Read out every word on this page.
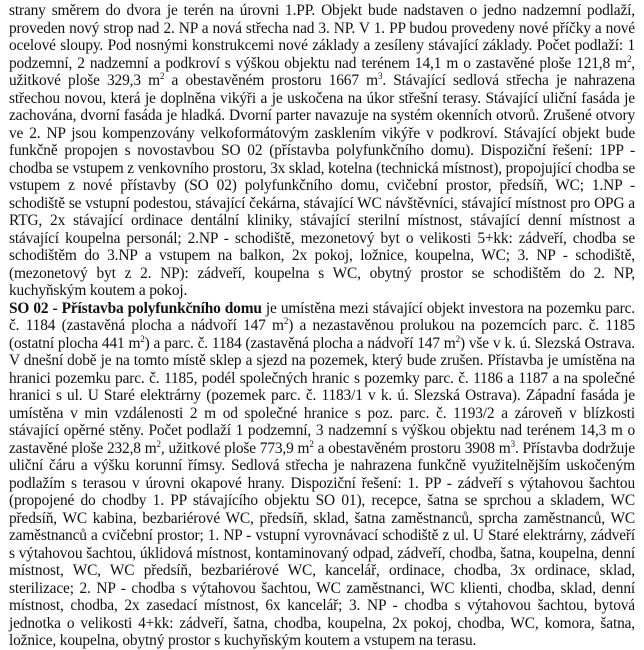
strany směrem do dvora je terén na úrovni 1.PP. Objekt bude nadstaven o jedno nadzemní podlaží, proveden nový strop nad 2. NP a nová střecha nad 3. NP. V 1. PP budou provedeny nové příčky a nové ocelové sloupy. Pod nosnými konstrukcemi nové základy a zesíleny stávající základy. Počet podlaží: 1 podzemní, 2 nadzemní a podkroví s výškou objektu nad terénem 14,1 m o zastavěné ploše 121,8 $m^2$, užitkové ploše 329,3 $m^2$ a obestavěném prostoru 1667 $m^3$. Stávající sedlová střecha je nahrazena střechou novou, která je doplněna vikýři a je uskočena na úkor střešní terasy. Stávající uliční fasáda je zachována, dvorní fasáda je hladká. Dvorní parter navazuje na systém okenních otvorů. Zrušené otvory ve 2. NP jsou kompenzovány velkoformátovým zasklením vikýře v podkroví. Stávající objekt bude funkčně propojen s novostavbou SO 02 (přístavba polyfunkčního domu). Dispoziční řešení: 1PP - chodba se vstupem z venkovního prostoru, 3x sklad, kotelna (technická místnost), propojující chodba se vstupem z nové přístavby (SO 02) polyfunkčního domu, cvičební prostor, předsíň, WC; 1.NP - schodiště se vstupní podestou, stávající čekárna, stávající WC návštěvníci, stávající místnost pro OPG a RTG, 2x stávající ordinace dentální kliniky, stávající sterilní místnost, stávající denní místnost a stávající koupelna personál; 2.NP - schodiště, mezonetový byt o velikosti 5+kk: zádveří, chodba se schodištěm do 3.NP a vstupem na balkon, 2x pokoj, ložnice, koupelna, WC; 3. NP - schodiště, (mezonetový byt z 2. NP): zádveří, koupelna s WC, obytný prostor se schodištěm do 2. NP, kuchyňským koutem a pokoj.

SO 02 - Přístavba polyfunkčního domu je umístěna mezi stávající objekt investora na pozemku parc. č. 1184 (zastavěná plocha a nádvoří 147 $m^2$) a nezastavěnou prolukou na pozemcích parc. č. 1185 (ostatní plocha 441 $m^2$) a parc. č. 1184 (zastavěná plocha a nádvoří 147 $m^2$) vše v k. ú. Slezská Ostrava. V dnešní době je na tomto místě sklep a sjezd na pozemek, který bude zrušen. Přístavba je umístěna na hranici pozemku parc. č. 1185, podél společných hranic s pozemky parc. č. 1186 a 1187 a na společné hranici s ul. U Staré elektrárny (pozemek parc. č. 1183/1 v k. ú. Slezská Ostrava). Západní fasáda je umístěna v min vzdálenosti 2 m od společné hranice s poz. parc. č. 1193/2 a zároveň v blízkosti stávající opěrné stěny. Počet podlaží 1 podzemní, 3 nadzemní s výškou objektu nad terénem 14,3 m o zastavěné ploše 232,8 $m^2$, užitkové ploše 773,9 $m^2$ a obestavěném prostoru 3908 $m^3$. Přístavba dodržuje uliční čáru a výšku korunní římsy. Sedlová střecha je nahrazena funkčně využitelnějším uskočeným podlažím s terasou v úrovni okapové hrany. Dispoziční řešení: 1. PP - zádveří s výtahovou šachtou (propojené do chodby 1. PP stávajícího objektu SO 01), recepce, šatna se sprchou a skladem, WC předsíň, WC kabina, bezbariérové WC, předsíň, sklad, šatna zaměstnanců, sprcha zaměstnanců, WC zaměstnanců a cvičební prostor; 1. NP - vstupní vyrovnávací schodiště z ul. U Staré elektrárny, zádveří s výtahovou šachtou, úklidová místnost, kontaminovaný odpad, zádveří, chodba, šatna, koupelna, denní místnost, WC, WC předsíň, bezbariérové WC, kancelář, ordinace, chodba, 3x ordinace, sklad, sterilizace; 2. NP - chodba s výtahovou šachtou, WC zaměstnanci, WC klienti, chodba, sklad, denní místnost, chodba, 2x zasedací místnost, 6x kancelář; 3. NP - chodba s výtahovou šachtou, bytová jednotka o velikosti 4+kk: zádveří, šatna, chodba, koupelna, 2x pokoj, chodba, WC, komora, šatna, ložnice, koupelna, obytný prostor s kuchyňským koutem a vstupem na terasu.
